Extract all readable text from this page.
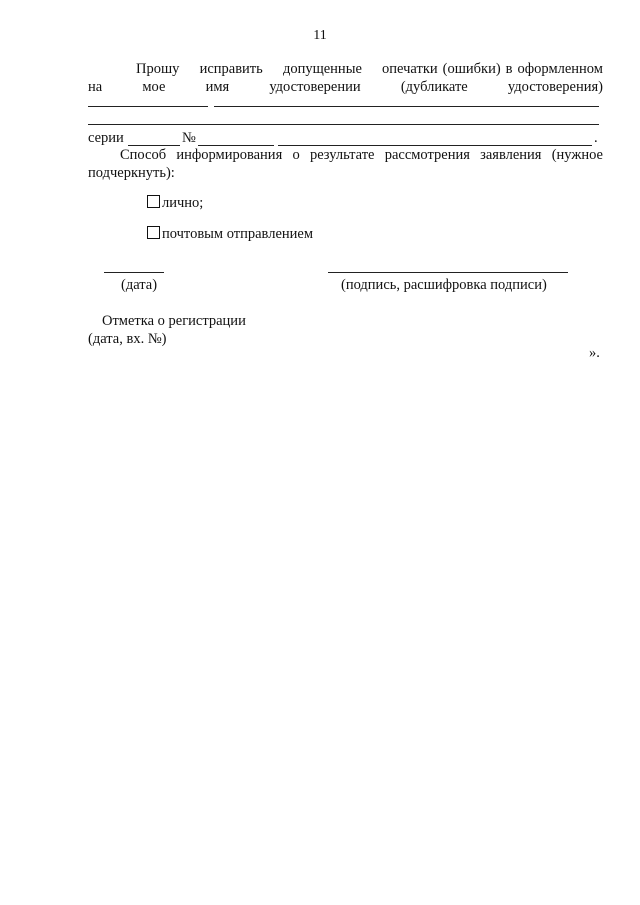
11
Прошу исправить допущенные опечатки (ошибки) в оформленном
на	мое	имя	удостоверении	(дубликате	удостоверения)
серии	№	.
Способ информирования о результате рассмотрения заявления (нужное
подчеркнуть):
лично;
почтовым отправлением
(дата)	(подпись, расшифровка подписи)
Отметка о регистрации
(дата, вх. №)
».
